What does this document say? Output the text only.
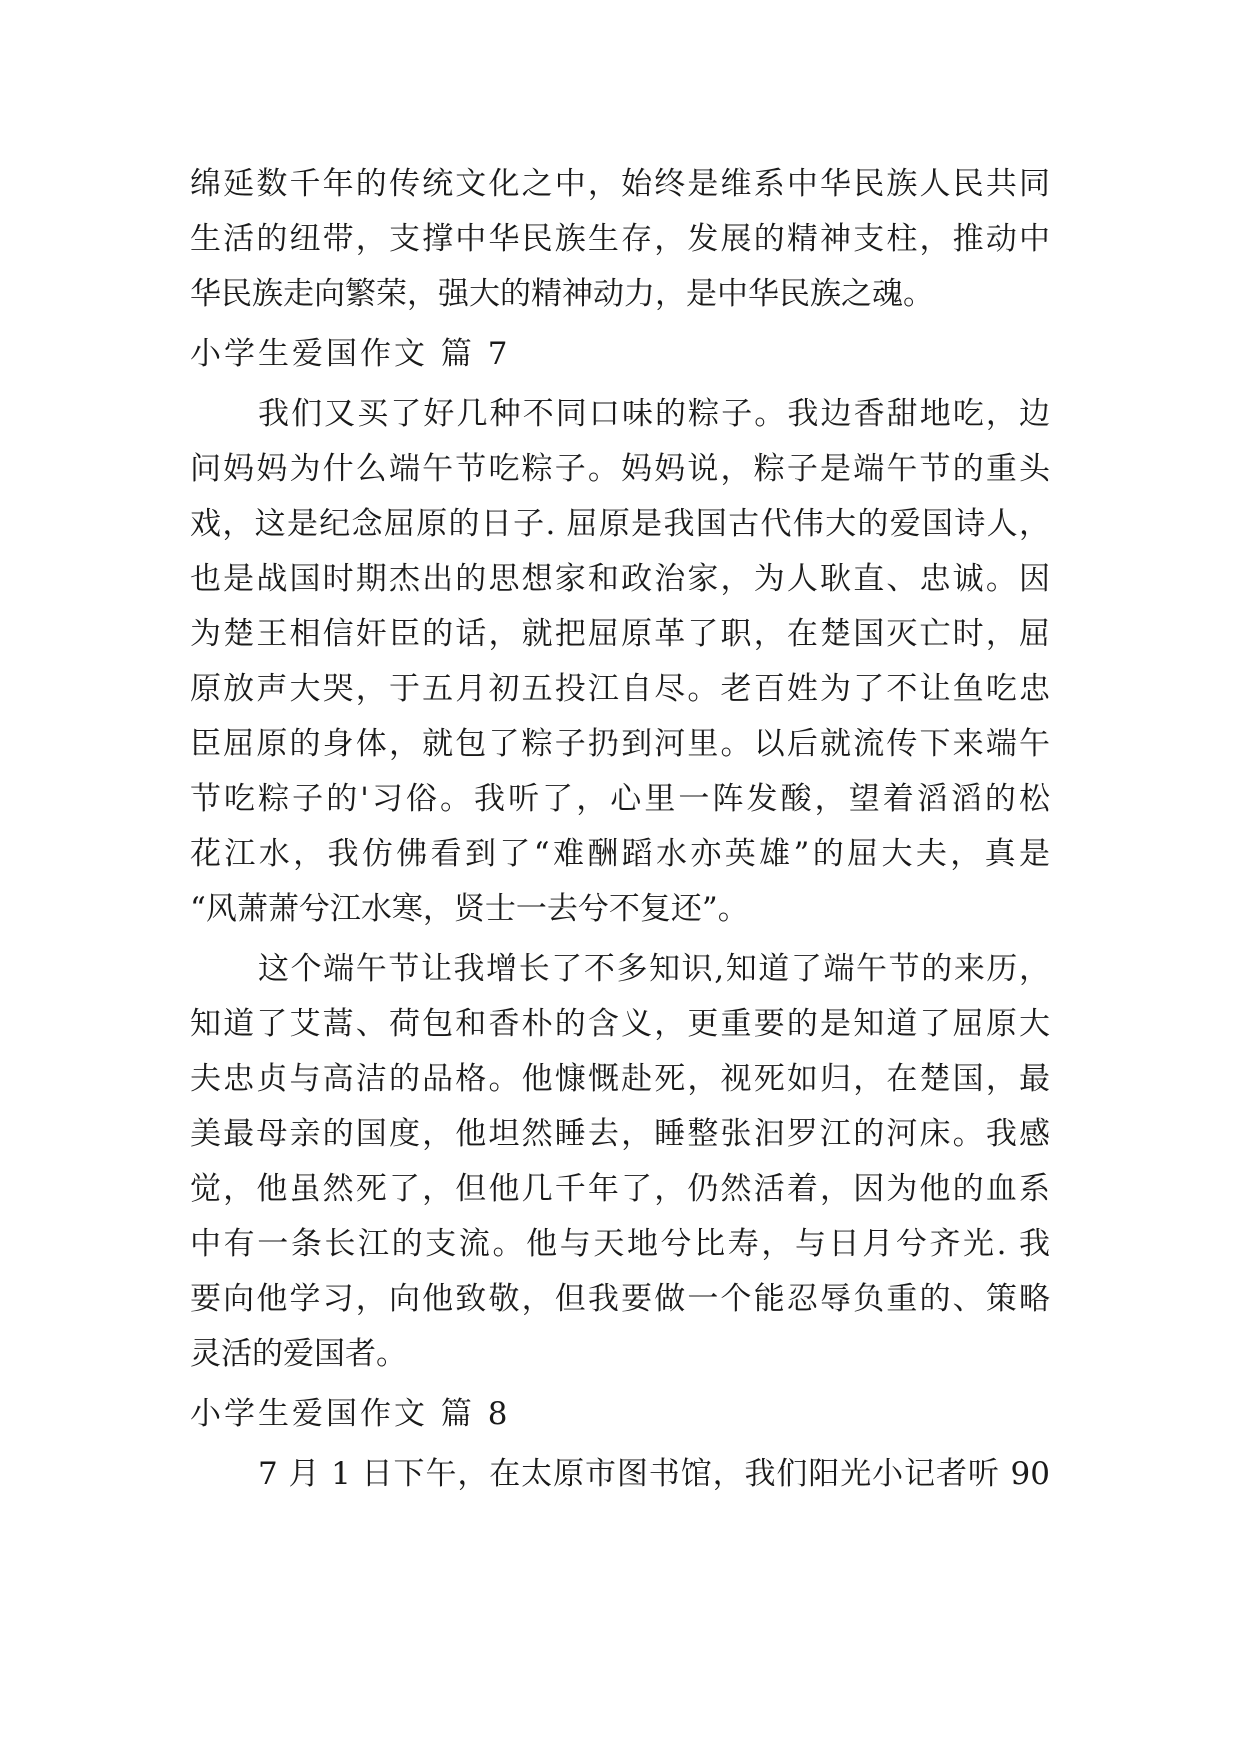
绵延数千年的传统文化之中，始终是维系中华民族人民共同
生活的纽带，支撑中华民族生存，发展的精神支柱，推动中
华民族走向繁荣，强大的精神动力，是中华民族之魂。
小学生爱国作文 篇 7
我们又买了好几种不同口味的粽子。我边香甜地吃，边
问妈妈为什么端午节吃粽子。妈妈说，粽子是端午节的重头
戏，这是纪念屈原的日子. 屈原是我国古代伟大的爱国诗人，
也是战国时期杰出的思想家和政治家，为人耿直、忠诚。因
为楚王相信奸臣的话，就把屈原革了职，在楚国灭亡时，屈
原放声大哭，于五月初五投江自尽。老百姓为了不让鱼吃忠
臣屈原的身体，就包了粽子扔到河里。以后就流传下来端午
节吃粽子的'习俗。我听了，心里一阵发酸，望着滔滔的松
花江水，我仿佛看到了“难酬蹈水亦英雄”的屈大夫，真是
“风萧萧兮江水寒，贤士一去兮不复还”。
这个端午节让我增长了不多知识,知道了端午节的来历，
知道了艾蒿、荷包和香朴的含义，更重要的是知道了屈原大
夫忠贞与高洁的品格。他慷慨赴死，视死如归，在楚国，最
美最母亲的国度，他坦然睡去，睡整张汩罗江的河床。我感
觉，他虽然死了，但他几千年了，仍然活着，因为他的血系
中有一条长江的支流。他与天地兮比寿，与日月兮齐光. 我
要向他学习，向他致敬，但我要做一个能忍辱负重的、策略
灵活的爱国者。
小学生爱国作文 篇 8
7 月 1 日下午，在太原市图书馆，我们阳光小记者听 90
